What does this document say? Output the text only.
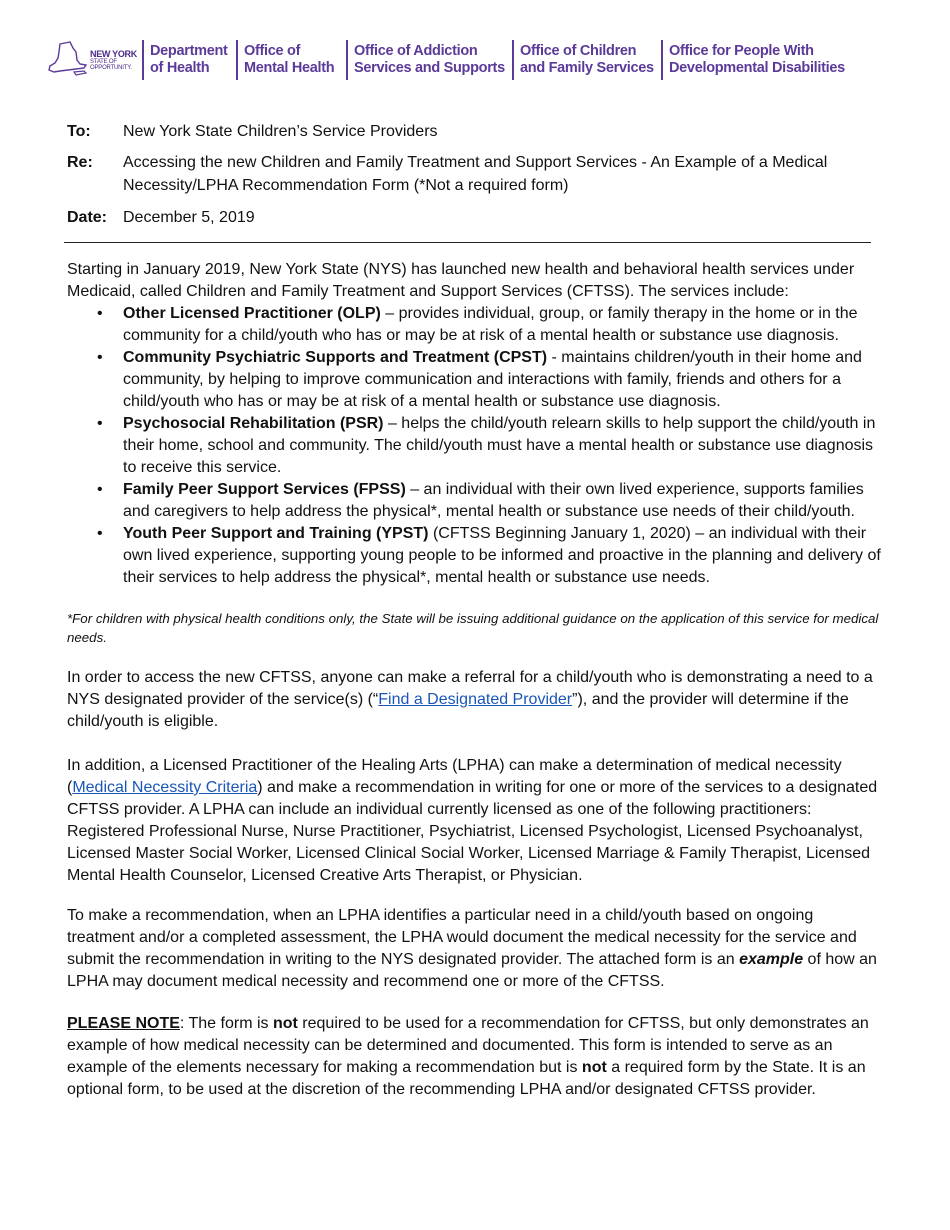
NEW YORK
STATE OF
OPPORTUNITY.
Department
of Health
Office of
Mental Health
Office of Addiction
Services and Supports
Office of Children
and Family Services
Office for People With
Developmental Disabilities
To: New York State Children’s Service Providers
Re: Accessing the new Children and Family Treatment and Support Services - An Example of a Medical Necessity/LPHA Recommendation Form (*Not a required form)
Date: December 5, 2019

Starting in January 2019, New York State (NYS) has launched new health and behavioral health services under Medicaid, called Children and Family Treatment and Support Services (CFTSS). The services include:

• Other Licensed Practitioner (OLP) – provides individual, group, or family therapy in the home or in the community for a child/youth who has or may be at risk of a mental health or substance use diagnosis.
• Community Psychiatric Supports and Treatment (CPST) - maintains children/youth in their home and community, by helping to improve communication and interactions with family, friends and others for a child/youth who has or may be at risk of a mental health or substance use diagnosis.
• Psychosocial Rehabilitation (PSR) – helps the child/youth relearn skills to help support the child/youth in their home, school and community. The child/youth must have a mental health or substance use diagnosis to receive this service.
• Family Peer Support Services (FPSS) – an individual with their own lived experience, supports families and caregivers to help address the physical*, mental health or substance use needs of their child/youth.
• Youth Peer Support and Training (YPST) (CFTSS Beginning January 1, 2020) – an individual with their own lived experience, supporting young people to be informed and proactive in the planning and delivery of their services to help address the physical*, mental health or substance use needs.

*For children with physical health conditions only, the State will be issuing additional guidance on the application of this service for medical needs.

In order to access the new CFTSS, anyone can make a referral for a child/youth who is demonstrating a need to a NYS designated provider of the service(s) (“Find a Designated Provider”), and the provider will determine if the child/youth is eligible.

In addition, a Licensed Practitioner of the Healing Arts (LPHA) can make a determination of medical necessity (Medical Necessity Criteria) and make a recommendation in writing for one or more of the services to a designated CFTSS provider. A LPHA can include an individual currently licensed as one of the following practitioners: Registered Professional Nurse, Nurse Practitioner, Psychiatrist, Licensed Psychologist, Licensed Psychoanalyst, Licensed Master Social Worker, Licensed Clinical Social Worker, Licensed Marriage & Family Therapist, Licensed Mental Health Counselor, Licensed Creative Arts Therapist, or Physician.

To make a recommendation, when an LPHA identifies a particular need in a child/youth based on ongoing treatment and/or a completed assessment, the LPHA would document the medical necessity for the service and submit the recommendation in writing to the NYS designated provider. The attached form is an example of how an LPHA may document medical necessity and recommend one or more of the CFTSS.

PLEASE NOTE: The form is not required to be used for a recommendation for CFTSS, but only demonstrates an example of how medical necessity can be determined and documented. This form is intended to serve as an example of the elements necessary for making a recommendation but is not a required form by the State. It is an optional form, to be used at the discretion of the recommending LPHA and/or designated CFTSS provider.
